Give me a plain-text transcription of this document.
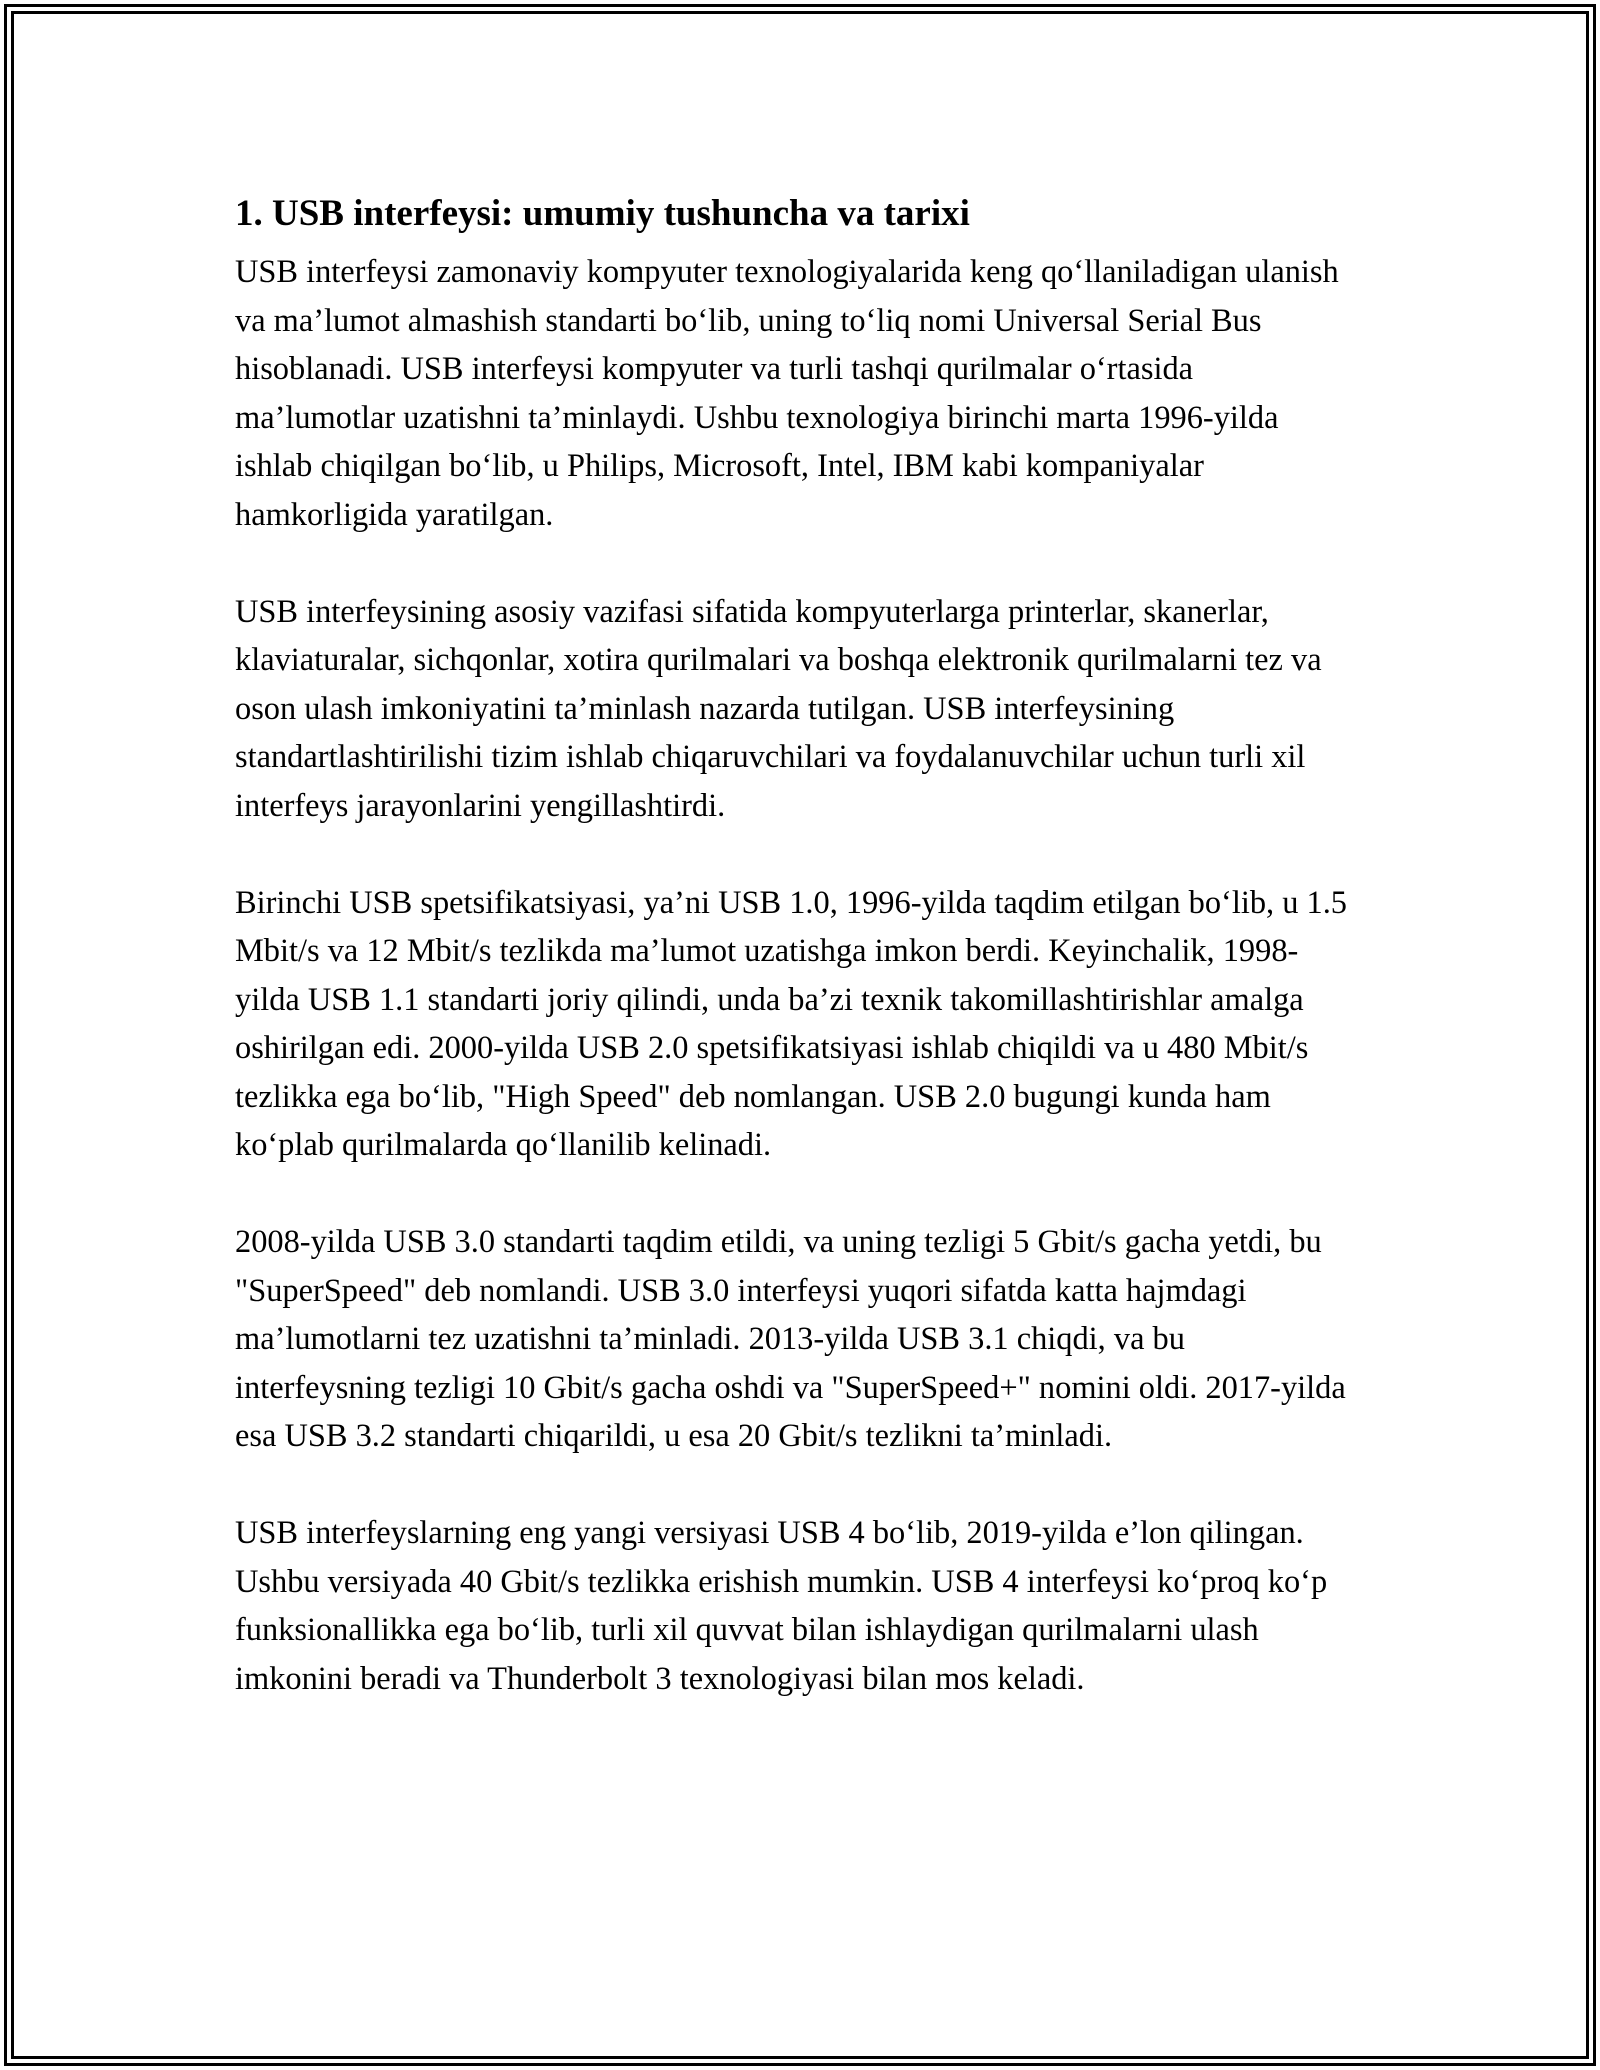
1. USB interfeysi: umumiy tushuncha va tarixi

USB interfeysi zamonaviy kompyuter texnologiyalarida keng qo‘llaniladigan ulanish va ma’lumot almashish standarti bo‘lib, uning to‘liq nomi Universal Serial Bus hisoblanadi. USB interfeysi kompyuter va turli tashqi qurilmalar o‘rtasida ma’lumotlar uzatishni ta’minlaydi. Ushbu texnologiya birinchi marta 1996-yilda ishlab chiqilgan bo‘lib, u Philips, Microsoft, Intel, IBM kabi kompaniyalar hamkorligida yaratilgan.

USB interfeysining asosiy vazifasi sifatida kompyuterlarga printerlar, skanerlar, klaviaturalar, sichqonlar, xotira qurilmalari va boshqa elektronik qurilmalarni tez va oson ulash imkoniyatini ta’minlash nazarda tutilgan. USB interfeysining standartlashtirilishi tizim ishlab chiqaruvchilari va foydalanuvchilar uchun turli xil interfeys jarayonlarini yengillashtirdi.

Birinchi USB spetsifikatsiyasi, ya’ni USB 1.0, 1996-yilda taqdim etilgan bo‘lib, u 1.5 Mbit/s va 12 Mbit/s tezlikda ma’lumot uzatishga imkon berdi. Keyinchalik, 1998-yilda USB 1.1 standarti joriy qilindi, unda ba’zi texnik takomillashtirishlar amalga oshirilgan edi. 2000-yilda USB 2.0 spetsifikatsiyasi ishlab chiqildi va u 480 Mbit/s tezlikka ega bo‘lib, "High Speed" deb nomlangan. USB 2.0 bugungi kunda ham ko‘plab qurilmalarda qo‘llanilib kelinadi.

2008-yilda USB 3.0 standarti taqdim etildi, va uning tezligi 5 Gbit/s gacha yetdi, bu "SuperSpeed" deb nomlandi. USB 3.0 interfeysi yuqori sifatda katta hajmdagi ma’lumotlarni tez uzatishni ta’minladi. 2013-yilda USB 3.1 chiqdi, va bu interfeysning tezligi 10 Gbit/s gacha oshdi va "SuperSpeed+" nomini oldi. 2017-yilda esa USB 3.2 standarti chiqarildi, u esa 20 Gbit/s tezlikni ta’minladi.

USB interfeyslarning eng yangi versiyasi USB 4 bo‘lib, 2019-yilda e’lon qilingan. Ushbu versiyada 40 Gbit/s tezlikka erishish mumkin. USB 4 interfeysi ko‘proq ko‘p funksionallikka ega bo‘lib, turli xil quvvat bilan ishlaydigan qurilmalarni ulash imkonini beradi va Thunderbolt 3 texnologiyasi bilan mos keladi.
